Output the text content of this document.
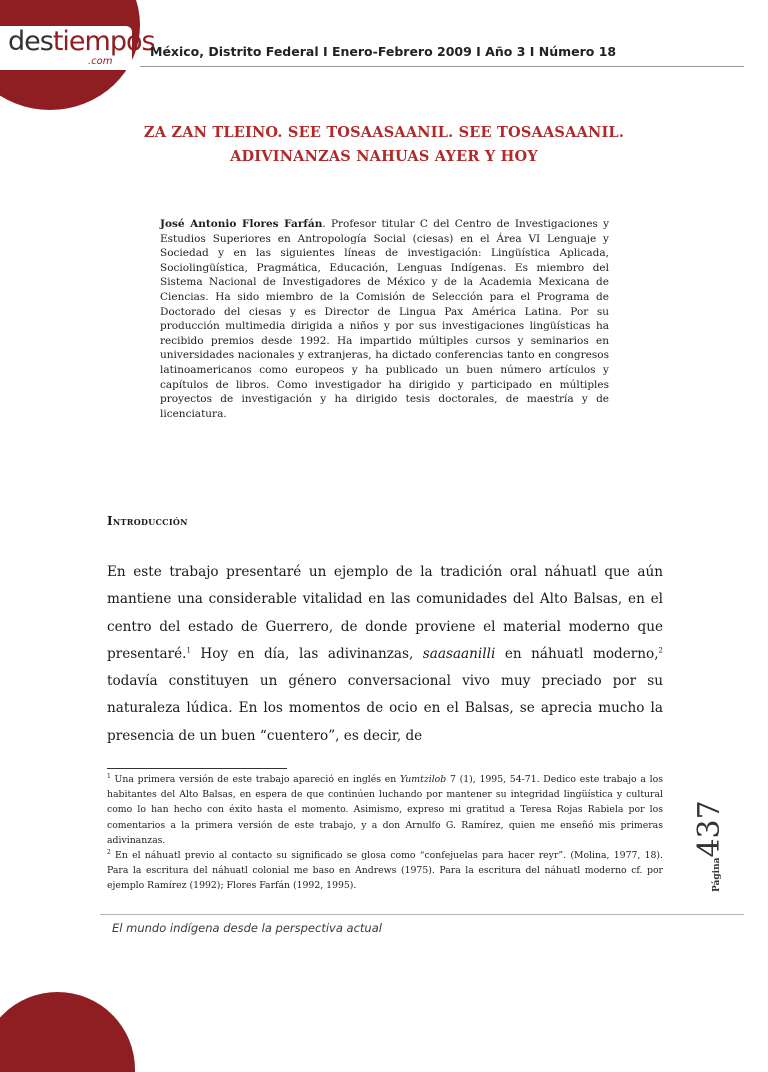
destiempos
.com
México, Distrito Federal I Enero-Febrero 2009 I Año 3 I Número 18
ZA ZAN TLEINO. SEE TOSAASAANIL. SEE TOSAASAANIL.
ADIVINANZAS NAHUAS AYER Y HOY
José Antonio Flores Farfán. Profesor titular C del Centro de Investigaciones y Estudios Superiores en Antropología Social (ciesas) en el Área VI Lenguaje y Sociedad y en las siguientes líneas de investigación: Lingüística Aplicada, Sociolingüística, Pragmática, Educación, Lenguas Indígenas. Es miembro del Sistema Nacional de Investigadores de México y de la Academia Mexicana de Ciencias. Ha sido miembro de la Comisión de Selección para el Programa de Doctorado del ciesas y es Director de Lingua Pax América Latina. Por su producción multimedia dirigida a niños y por sus investigaciones lingüísticas ha recibido premios desde 1992. Ha impartido múltiples cursos y seminarios en universidades nacionales y extranjeras, ha dictado conferencias tanto en congresos latinoamericanos como europeos y ha publicado un buen número artículos y capítulos de libros. Como investigador ha dirigido y participado en múltiples proyectos de investigación y ha dirigido tesis doctorales, de maestría y de licenciatura.
Introducción
En este trabajo presentaré un ejemplo de la tradición oral náhuatl que aún mantiene una considerable vitalidad en las comunidades del Alto Balsas, en el centro del estado de Guerrero, de donde proviene el material moderno que presentaré.$^1$ Hoy en día, las adivinanzas, saasaanilli en náhuatl moderno,$^2$ todavía constituyen un género conversacional vivo muy preciado por su naturaleza lúdica. En los momentos de ocio en el Balsas, se aprecia mucho la presencia de un buen “cuentero”, es decir, de

$^1$ Una primera versión de este trabajo apareció en inglés en Yumtzilob 7 (1), 1995, 54-71. Dedico este trabajo a los habitantes del Alto Balsas, en espera de que continúen luchando por mantener su integridad lingüística y cultural como lo han hecho con éxito hasta el momento. Asimismo, expreso mi gratitud a Teresa Rojas Rabiela por los comentarios a la primera versión de este trabajo, y a don Arnulfo G. Ramírez, quien me enseñó mis primeras adivinanzas.

$^2$ En el náhuatl previo al contacto su significado se glosa como “confejuelas para hacer reyr”. (Molina, 1977, 18). Para la escritura del náhuatl colonial me baso en Andrews (1975). Para la escritura del náhuatl moderno cf. por ejemplo Ramírez (1992); Flores Farfán (1992, 1995).	Página437
El mundo indígena desde la perspectiva actual
